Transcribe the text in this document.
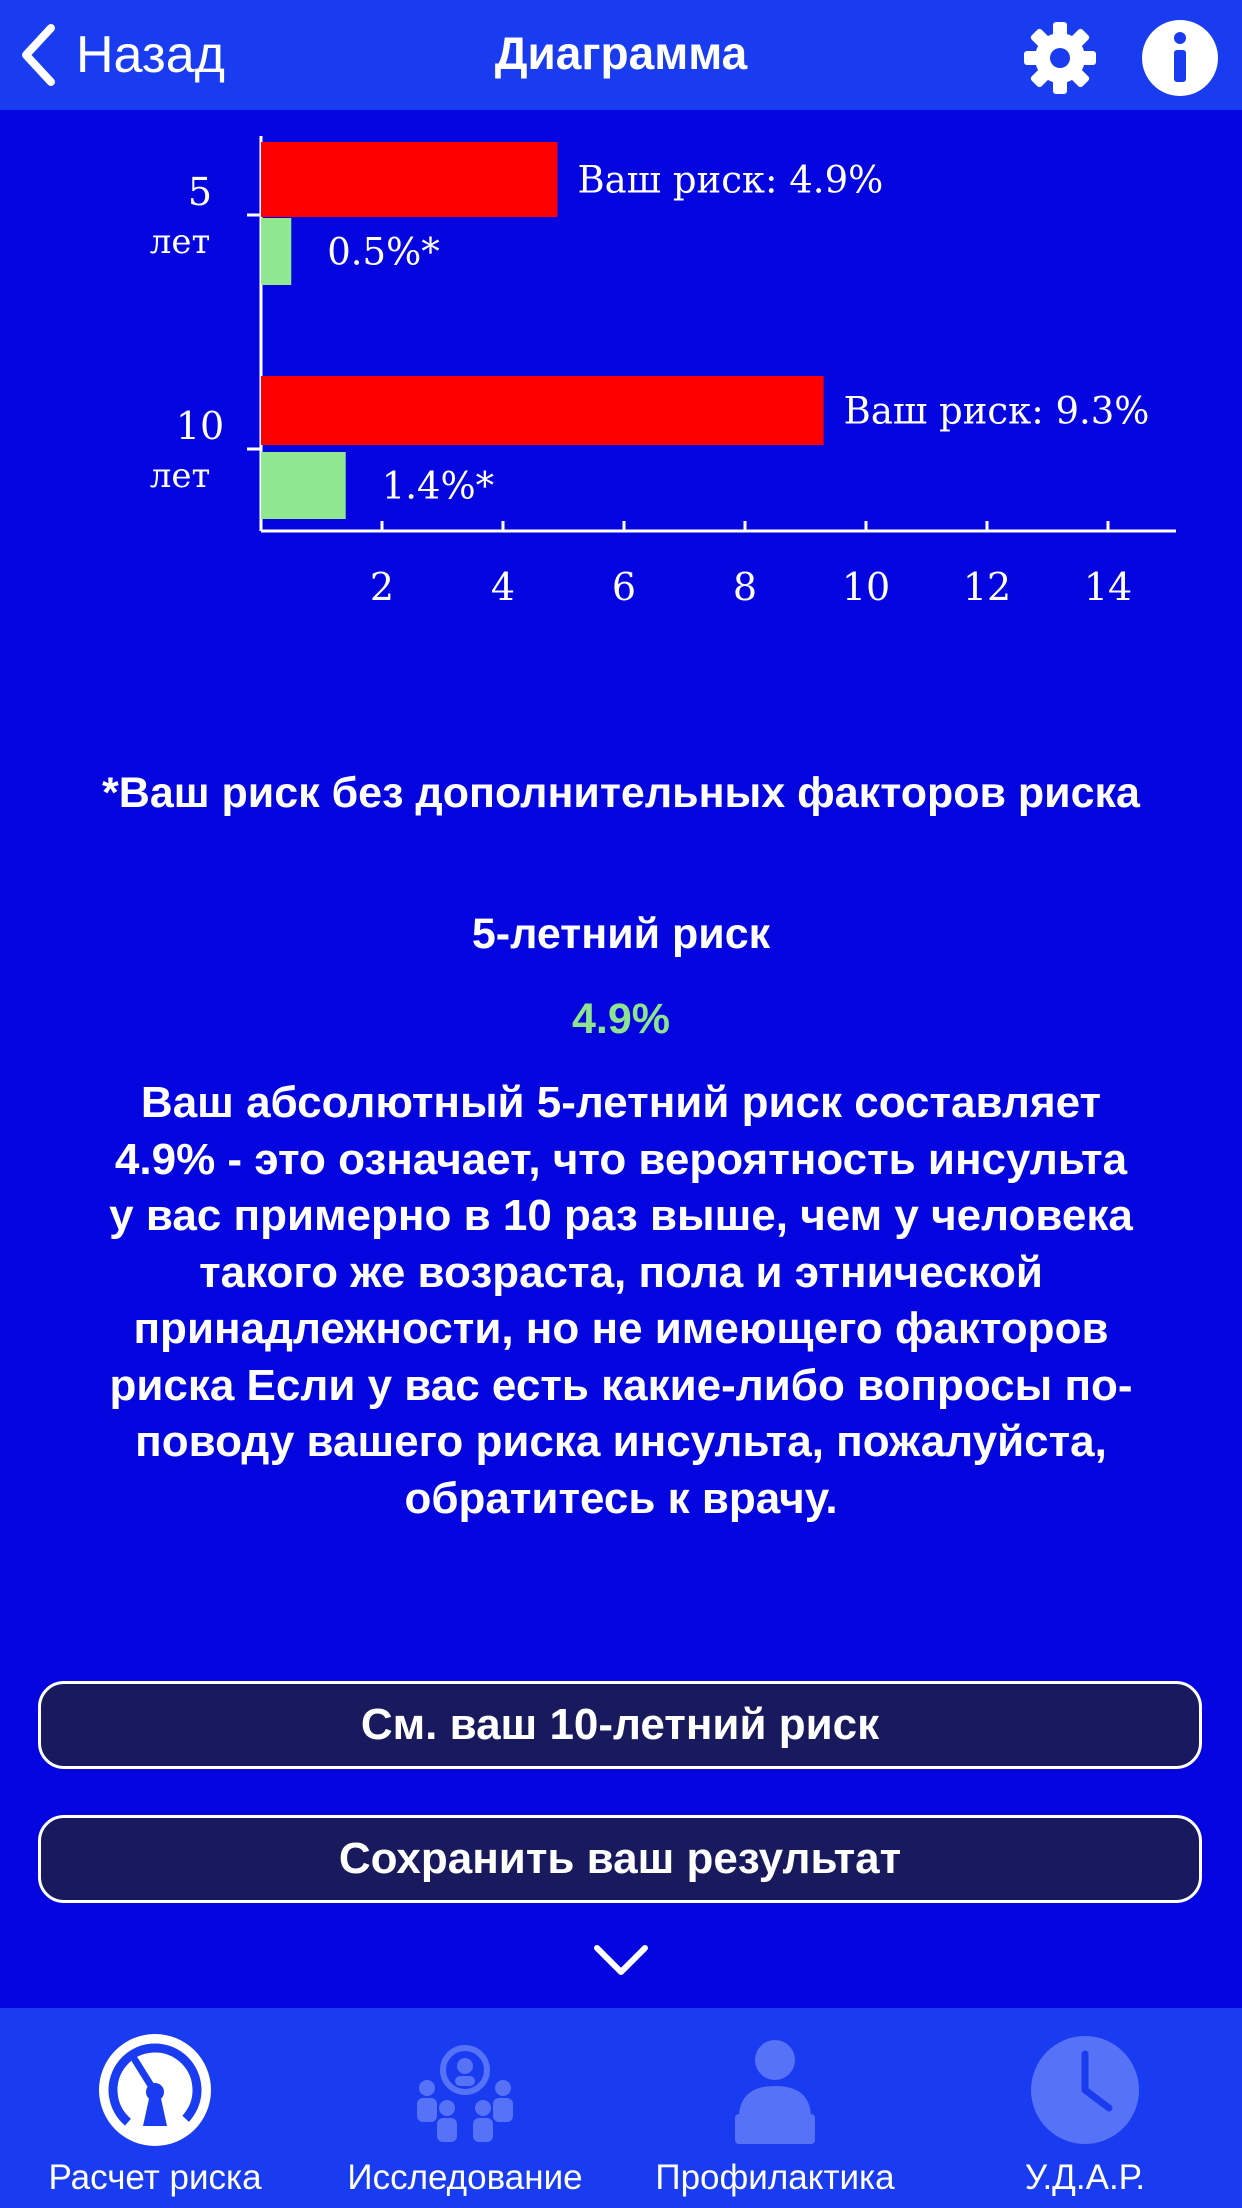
Назад	Диаграмма
2	4	6	8 10 12 14
5
лет
10
лет
Ваш риск: 4.9%
Ваш риск: 9.3%
0.5%*
1.4%*
*Ваш риск без дополнительных факторов риска
5-летний риск
4.9%
Ваш абсолютный 5-летний риск составляет 4.9% - это означает, что вероятность инсульта у вас примерно в 10 раз выше, чем у человека такого же возраста, пола и этнической принадлежности, но не имеющего факторов риска Если у вас есть какие-либо вопросы по-поводу вашего риска инсульта, пожалуйста, обратитесь к врачу.
См. ваш 10-летний риск
Сохранить ваш результат
Расчет риска	Исследование	Профилактика	У.Д.А.Р.
